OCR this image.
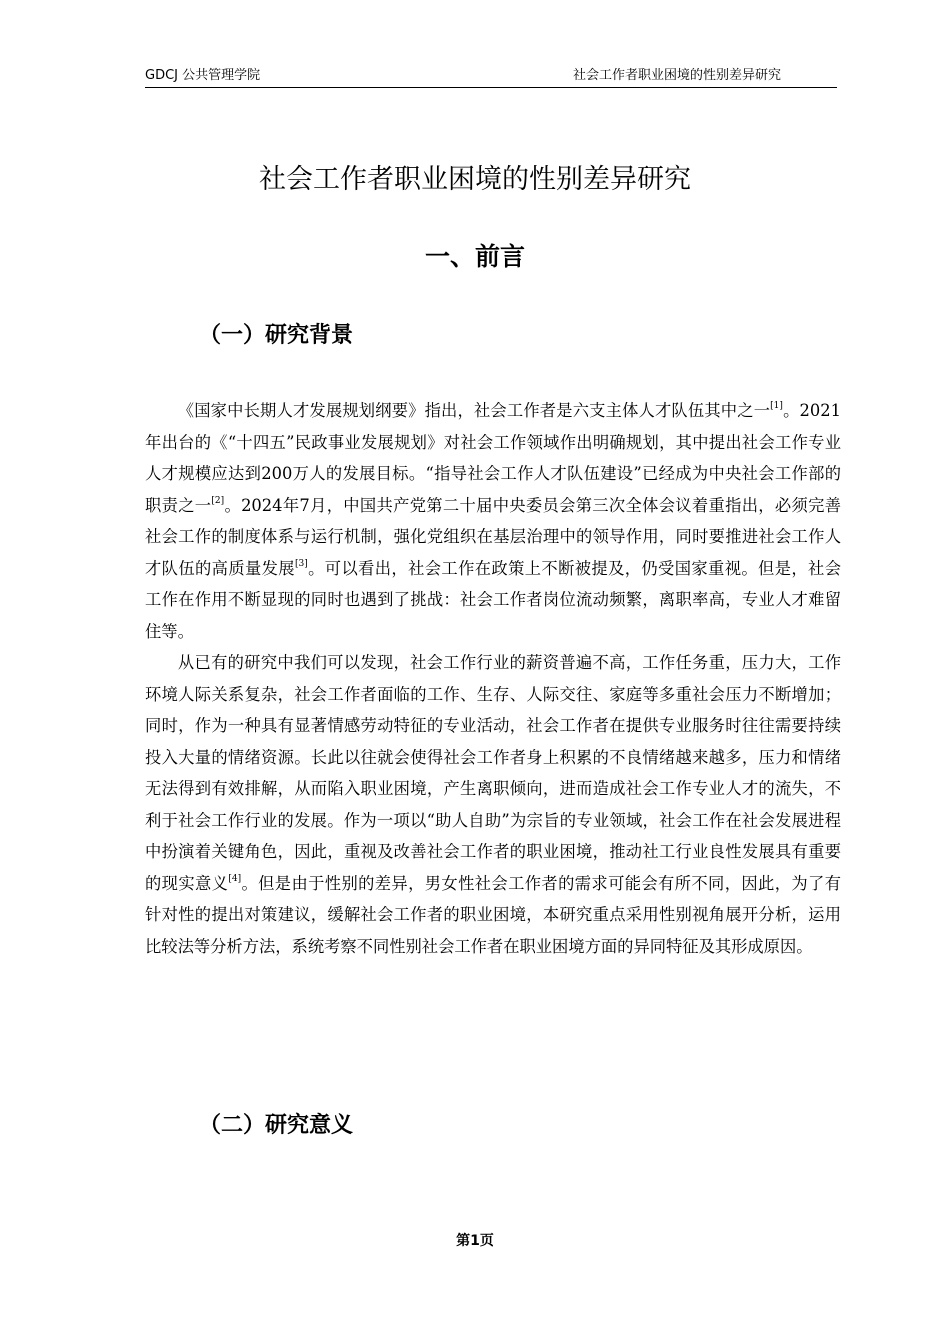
GDCJ 公共管理学院	社会工作者职业困境的性别差异研究
社会工作者职业困境的性别差异研究
一、前言
（一）研究背景

《国家中长期人才发展规划纲要》指出，社会工作者是六支主体人才队伍其中之一[1]。2021年出台的《“十四五”民政事业发展规划》对社会工作领域作出明确规划，其中提出社会工作专业人才规模应达到200万人的发展目标。“指导社会工作人才队伍建设”已经成为中央社会工作部的职责之一[2]。2024年7月，中国共产党第二十届中央委员会第三次全体会议着重指出，必须完善社会工作的制度体系与运行机制，强化党组织在基层治理中的领导作用，同时要推进社会工作人才队伍的高质量发展[3]。可以看出，社会工作在政策上不断被提及，仍受国家重视。但是，社会工作在作用不断显现的同时也遇到了挑战：社会工作者岗位流动频繁，离职率高，专业人才难留住等。

从已有的研究中我们可以发现，社会工作行业的薪资普遍不高，工作任务重，压力大，工作环境人际关系复杂，社会工作者面临的工作、生存、人际交往、家庭等多重社会压力不断增加；同时，作为一种具有显著情感劳动特征的专业活动，社会工作者在提供专业服务时往往需要持续投入大量的情绪资源。长此以往就会使得社会工作者身上积累的不良情绪越来越多，压力和情绪无法得到有效排解，从而陷入职业困境，产生离职倾向，进而造成社会工作专业人才的流失，不利于社会工作行业的发展。作为一项以“助人自助”为宗旨的专业领域，社会工作在社会发展进程中扮演着关键角色，因此，重视及改善社会工作者的职业困境，推动社工行业良性发展具有重要的现实意义[4]。但是由于性别的差异，男女性社会工作者的需求可能会有所不同，因此，为了有针对性的提出对策建议，缓解社会工作者的职业困境，本研究重点采用性别视角展开分析，运用比较法等分析方法，系统考察不同性别社会工作者在职业困境方面的异同特征及其形成原因。

（二）研究意义
第1页
